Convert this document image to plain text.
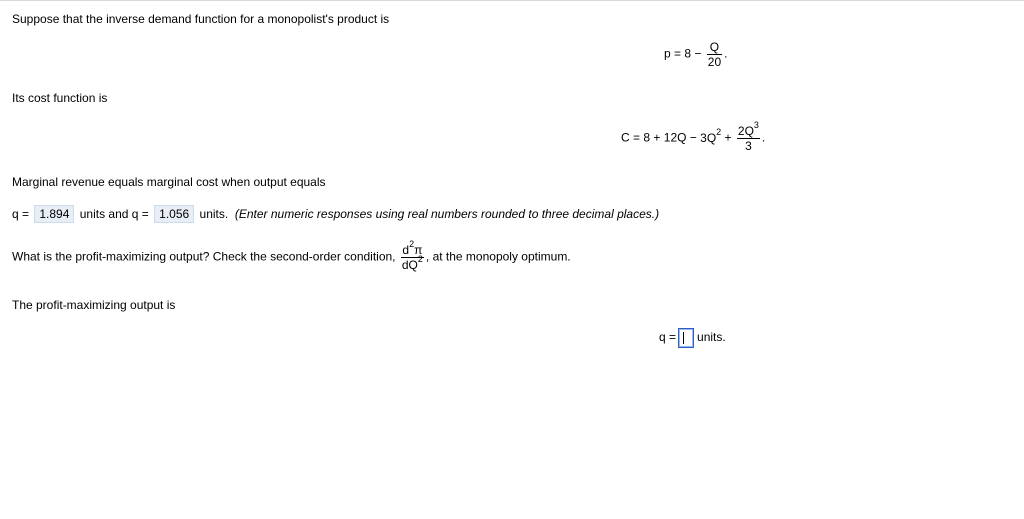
Suppose that the inverse demand function for a monopolist's product is
$p = 8 - \frac{Q}{20}$ .
Its cost function is
$C = 8 + 12Q - 3Q^2 + \frac{2Q^3}{3}$ .
Marginal revenue equals marginal cost when output equals
q = 1.894 units and q = 1.056 units. (Enter numeric responses using real numbers rounded to three decimal places.)
What is the profit-maximizing output? Check the second-order condition, $\frac{d^2\pi}{dQ^2}$ , at the monopoly optimum.
The profit-maximizing output is
q = units.
